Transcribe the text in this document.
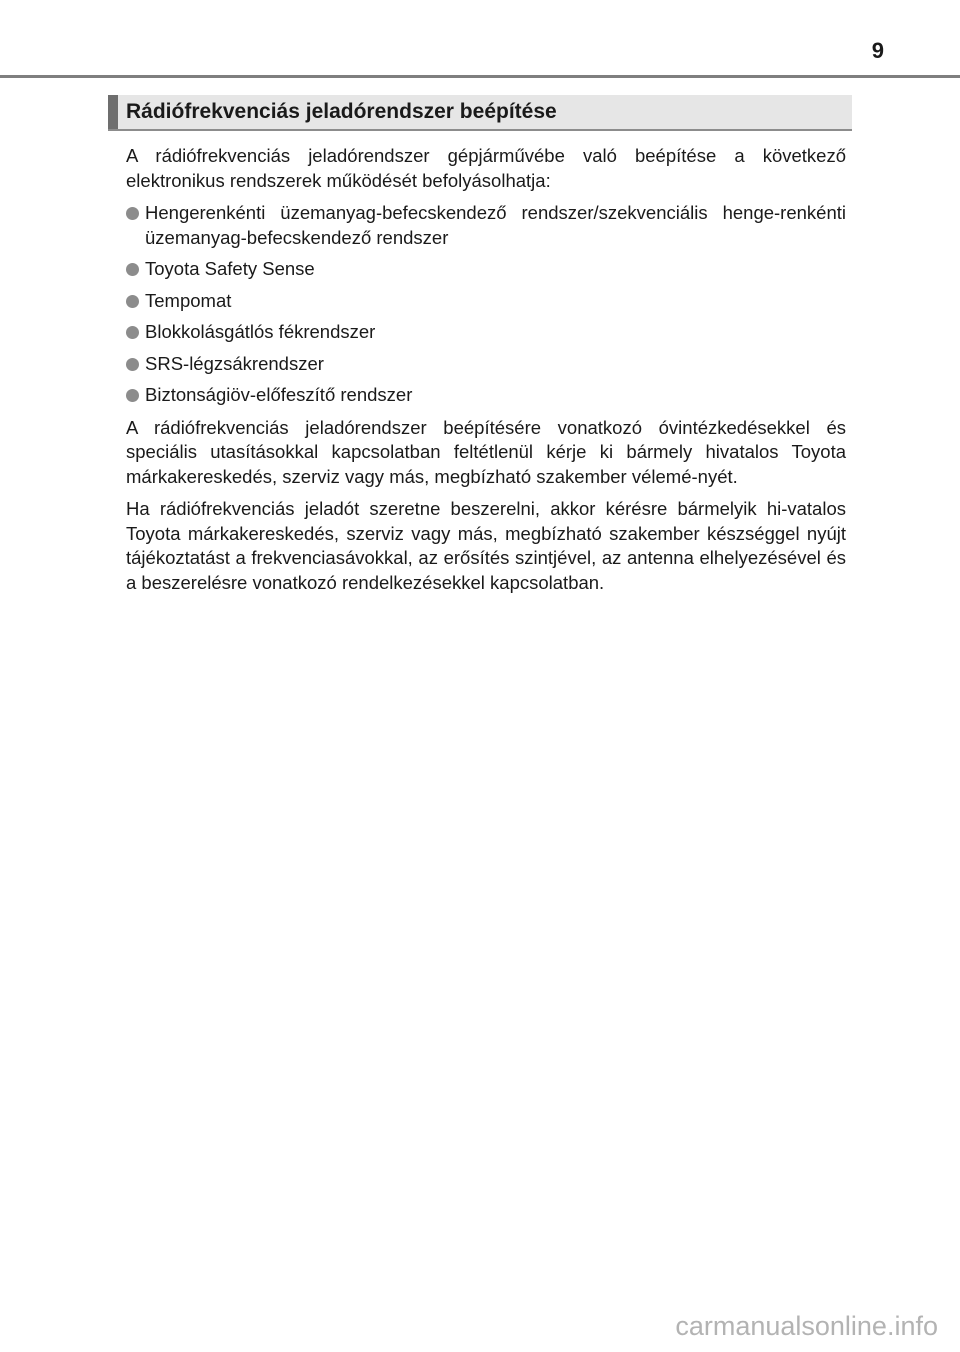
9
Rádiófrekvenciás jeladórendszer beépítése

A rádiófrekvenciás jeladórendszer gépjárművébe való beépítése a következő elektronikus rendszerek működését befolyásolhatja:

Hengerenkénti üzemanyag-befecskendező rendszer/szekvenciális henge-renkénti üzemanyag-befecskendező rendszer
Toyota Safety Sense
Tempomat
Blokkolásgátlós fékrendszer
SRS-légzsákrendszer
Biztonságiöv-előfeszítő rendszer

A rádiófrekvenciás jeladórendszer beépítésére vonatkozó óvintézkedésekkel és speciális utasításokkal kapcsolatban feltétlenül kérje ki bármely hivatalos Toyota márkakereskedés, szerviz vagy más, megbízható szakember vélemé-nyét.

Ha rádiófrekvenciás jeladót szeretne beszerelni, akkor kérésre bármelyik hi-vatalos Toyota márkakereskedés, szerviz vagy más, megbízható szakember készséggel nyújt tájékoztatást a frekvenciasávokkal, az erősítés szintjével, az antenna elhelyezésével és a beszerelésre vonatkozó rendelkezésekkel kapcsolatban.

carmanualsonline.info
